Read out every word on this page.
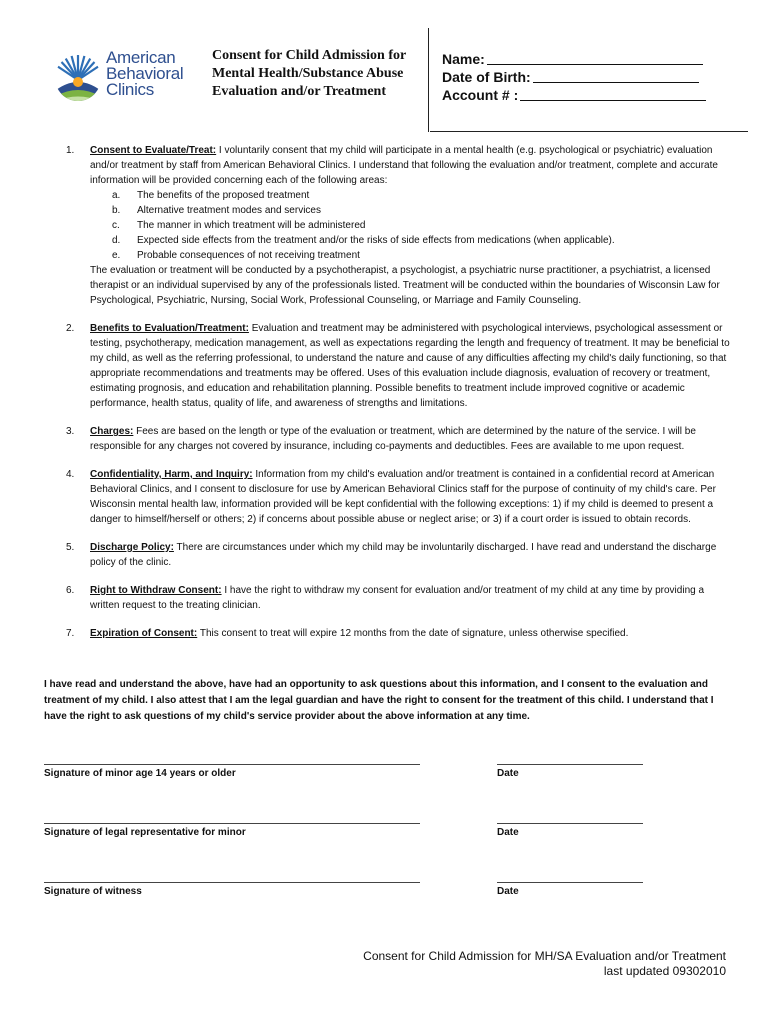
American
Behavioral
Clinics
Consent for Child Admission for Mental Health/Substance Abuse Evaluation and/or Treatment
Name:
Date of Birth:
Account # :
1. Consent to Evaluate/Treat: I voluntarily consent that my child will participate in a mental health (e.g. psychological or psychiatric) evaluation and/or treatment by staff from American Behavioral Clinics. I understand that following the evaluation and/or treatment, complete and accurate information will be provided concerning each of the following areas:
a.	The benefits of the proposed treatment
b.	Alternative treatment modes and services
c.	The manner in which treatment will be administered
d.	Expected side effects from the treatment and/or the risks of side effects from medications (when applicable).
e.	Probable consequences of not receiving treatment
The evaluation or treatment will be conducted by a psychotherapist, a psychologist, a psychiatric nurse practitioner, a psychiatrist, a licensed therapist or an individual supervised by any of the professionals listed. Treatment will be conducted within the boundaries of Wisconsin Law for Psychological, Psychiatric, Nursing, Social Work, Professional Counseling, or Marriage and Family Counseling.
2. Benefits to Evaluation/Treatment: Evaluation and treatment may be administered with psychological interviews, psychological assessment or testing, psychotherapy, medication management, as well as expectations regarding the length and frequency of treatment. It may be beneficial to my child, as well as the referring professional, to understand the nature and cause of any difficulties affecting my child's daily functioning, so that appropriate recommendations and treatments may be offered. Uses of this evaluation include diagnosis, evaluation of recovery or treatment, estimating prognosis, and education and rehabilitation planning. Possible benefits to treatment include improved cognitive or academic performance, health status, quality of life, and awareness of strengths and limitations.
3. Charges: Fees are based on the length or type of the evaluation or treatment, which are determined by the nature of the service. I will be responsible for any charges not covered by insurance, including co-payments and deductibles. Fees are available to me upon request.
4. Confidentiality, Harm, and Inquiry: Information from my child's evaluation and/or treatment is contained in a confidential record at American Behavioral Clinics, and I consent to disclosure for use by American Behavioral Clinics staff for the purpose of continuity of my child's care. Per Wisconsin mental health law, information provided will be kept confidential with the following exceptions: 1) if my child is deemed to present a danger to himself/herself or others; 2) if concerns about possible abuse or neglect arise; or 3) if a court order is issued to obtain records.
5. Discharge Policy: There are circumstances under which my child may be involuntarily discharged. I have read and understand the discharge policy of the clinic.
6. Right to Withdraw Consent: I have the right to withdraw my consent for evaluation and/or treatment of my child at any time by providing a written request to the treating clinician.
7. Expiration of Consent: This consent to treat will expire 12 months from the date of signature, unless otherwise specified.
I have read and understand the above, have had an opportunity to ask questions about this information, and I consent to the evaluation and treatment of my child. I also attest that I am the legal guardian and have the right to consent for the treatment of this child. I understand that I have the right to ask questions of my child's service provider about the above information at any time.
Signature of minor age 14 years or older	Date
Signature of legal representative for minor	Date
Signature of witness	Date
Consent for Child Admission for MH/SA Evaluation and/or Treatment
last updated 09302010
